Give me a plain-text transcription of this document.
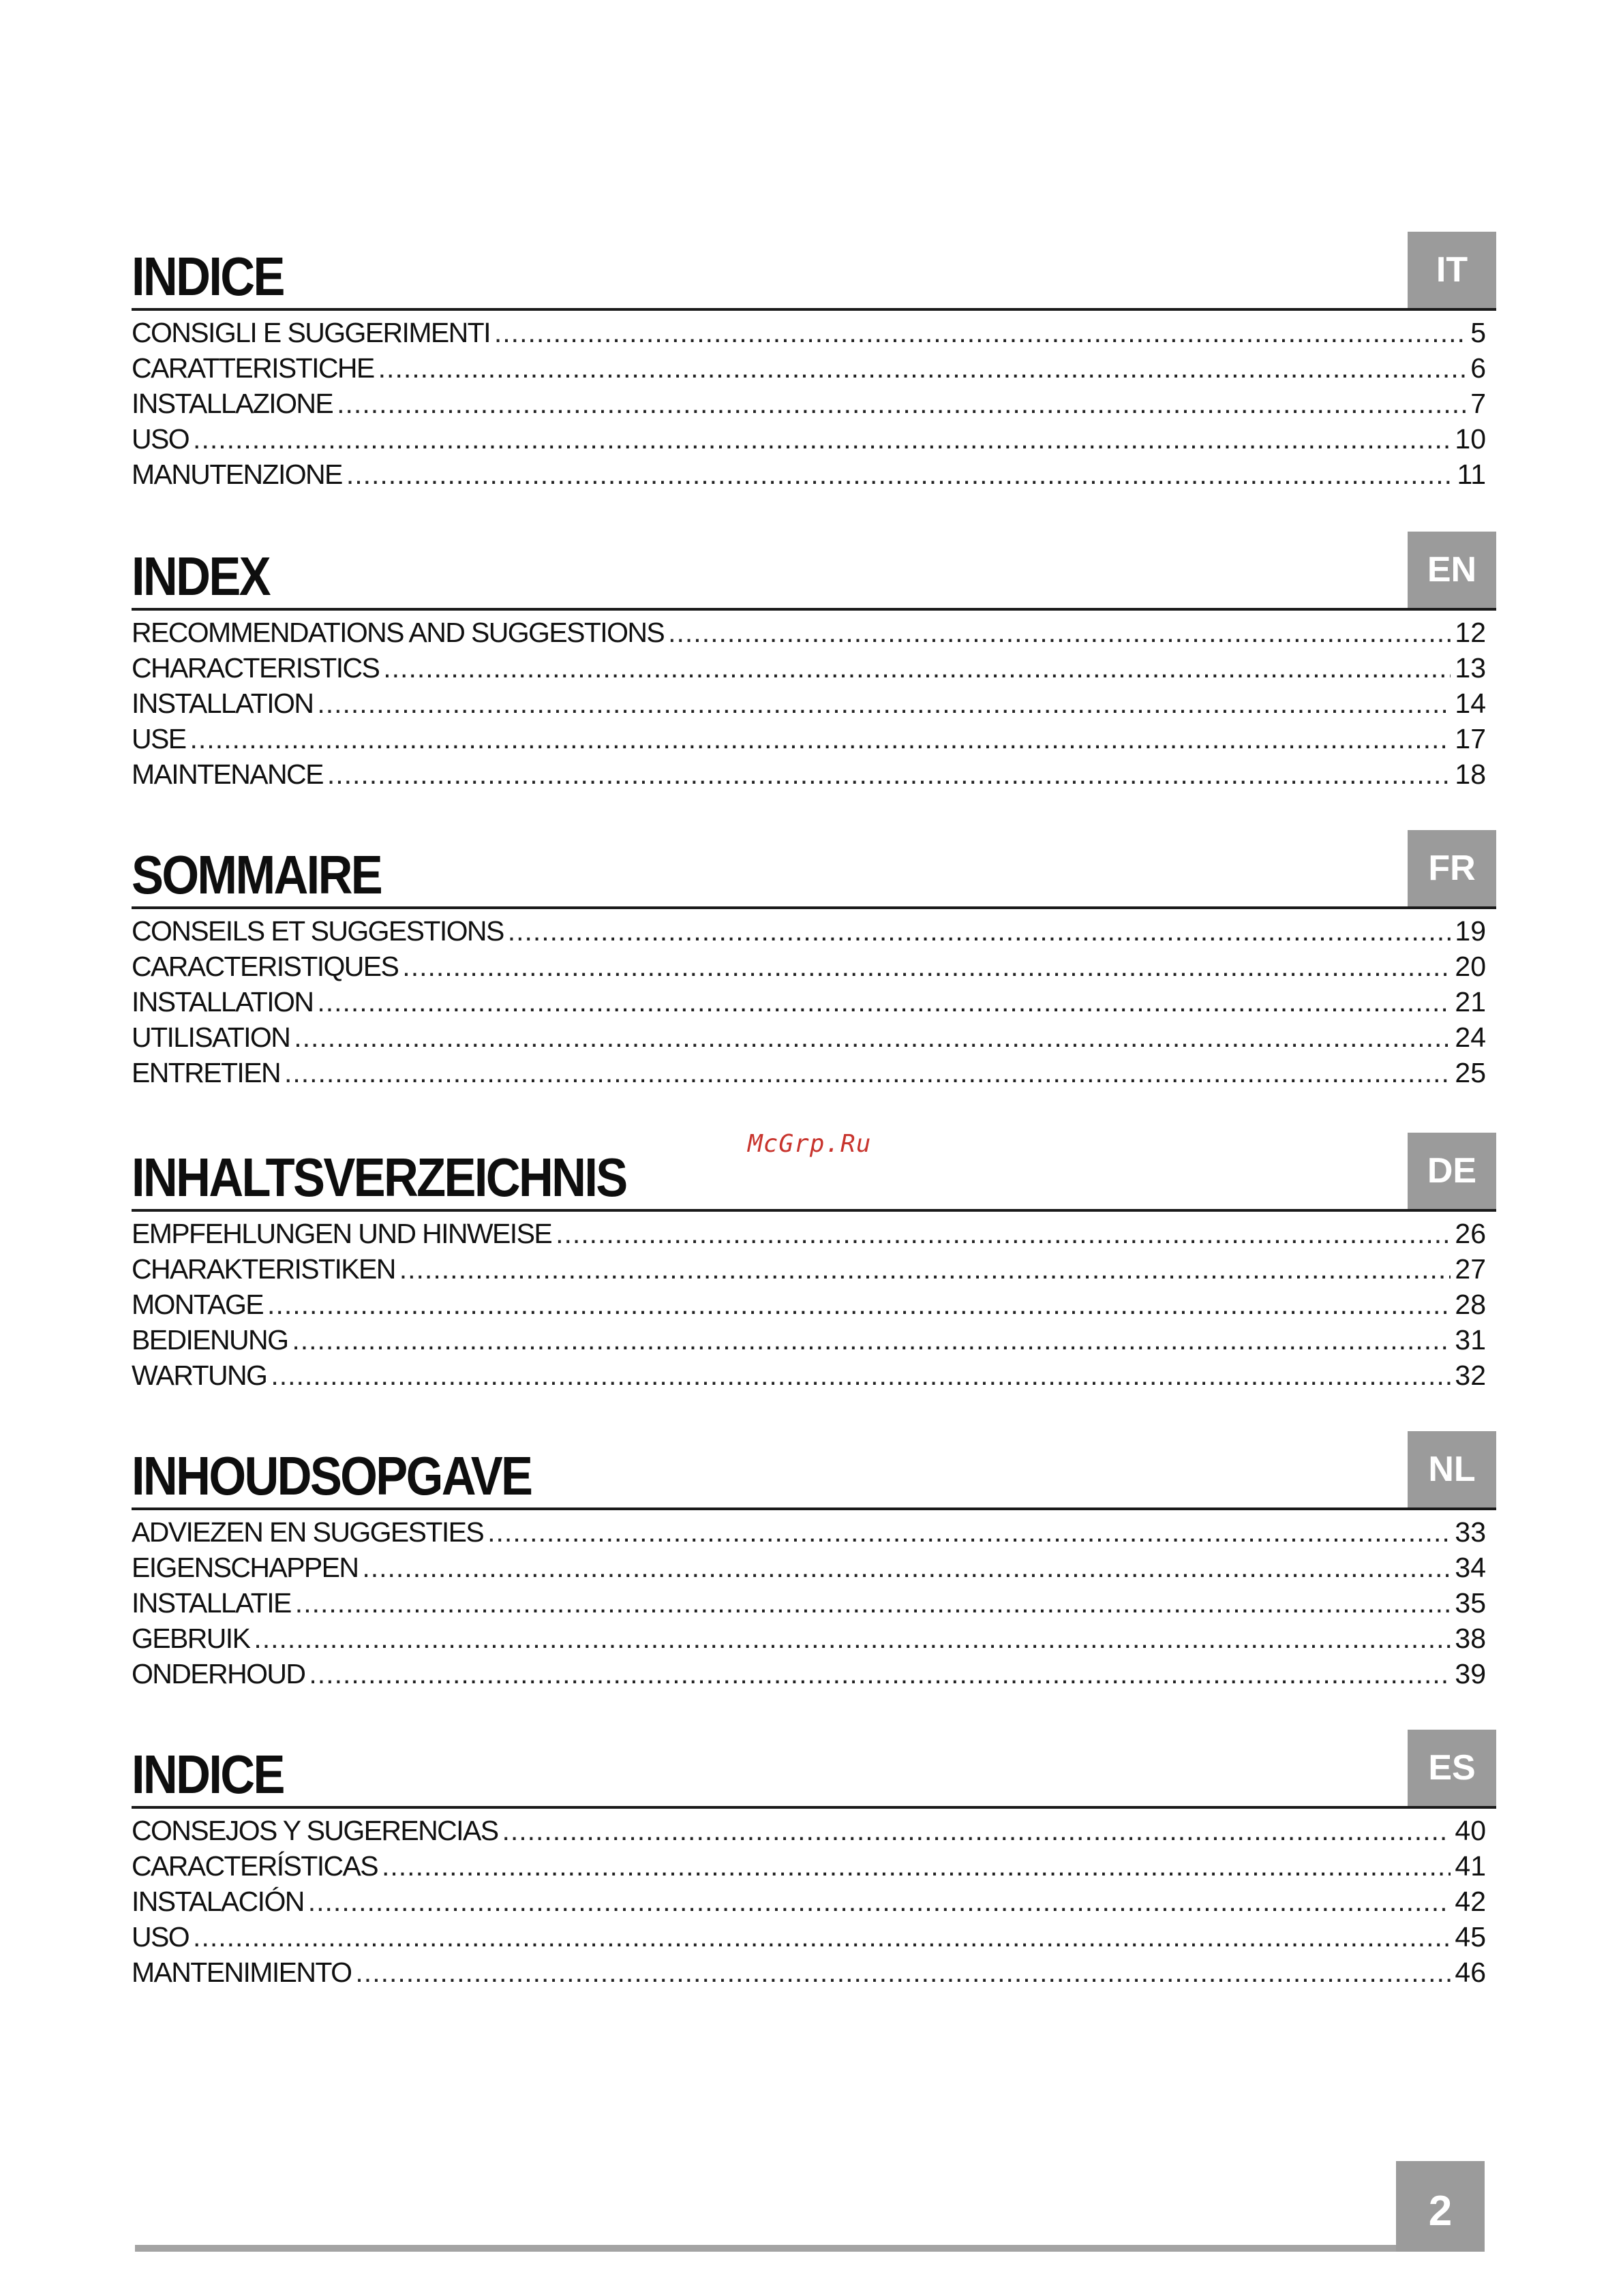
INDICE	IT
CONSIGLI E SUGGERIMENTI .....	5
CARATTERISTICHE .....	6
INSTALLAZIONE .....	7
USO .....	10
MANUTENZIONE .....	11
INDEX	EN
RECOMMENDATIONS AND SUGGESTIONS .....	12
CHARACTERISTICS .....	13
INSTALLATION .....	14
USE .....	17
MAINTENANCE .....	18
SOMMAIRE	FR
CONSEILS ET SUGGESTIONS .....	19
CARACTERISTIQUES .....	20
INSTALLATION .....	21
UTILISATION .....	24
ENTRETIEN .....	25
INHALTSVERZEICHNIS	DE
EMPFEHLUNGEN UND HINWEISE .....	26
CHARAKTERISTIKEN .....	27
MONTAGE .....	28
BEDIENUNG .....	31
WARTUNG .....	32
INHOUDSOPGAVE	NL
ADVIEZEN EN SUGGESTIES .....	33
EIGENSCHAPPEN .....	34
INSTALLATIE .....	35
GEBRUIK .....	38
ONDERHOUD .....	39
INDICE	ES
CONSEJOS Y SUGERENCIAS .....	40
CARACTERÍSTICAS .....	41
INSTALACIÓN .....	42
USO .....	45
MANTENIMIENTO .....	46
McGrp.Ru
2
